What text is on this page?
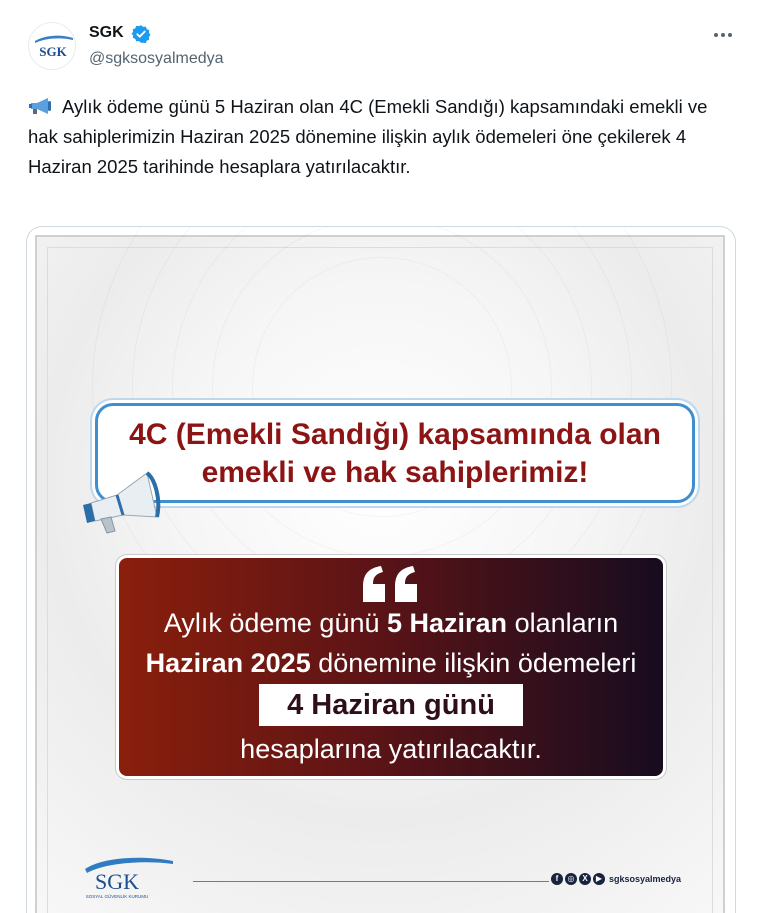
SGK
SGK
@sgksosyalmedya
Aylık ödeme günü 5 Haziran olan 4C (Emekli Sandığı) kapsamındaki emekli ve hak sahiplerimizin Haziran 2025 dönemine ilişkin aylık ödemeleri öne çekilerek 4 Haziran 2025 tarihinde hesaplara yatırılacaktır.
4C (Emekli Sandığı) kapsamında olan
emekli ve hak sahiplerimiz!
Aylık ödeme günü 5 Haziran olanların
Haziran 2025 dönemine ilişkin ödemeleri
4 Haziran günü
hesaplarına yatırılacaktır.
SGK
SOSYAL GÜVENLİK KURUMU
f	◎ X	▶ sgksosyalmedya
